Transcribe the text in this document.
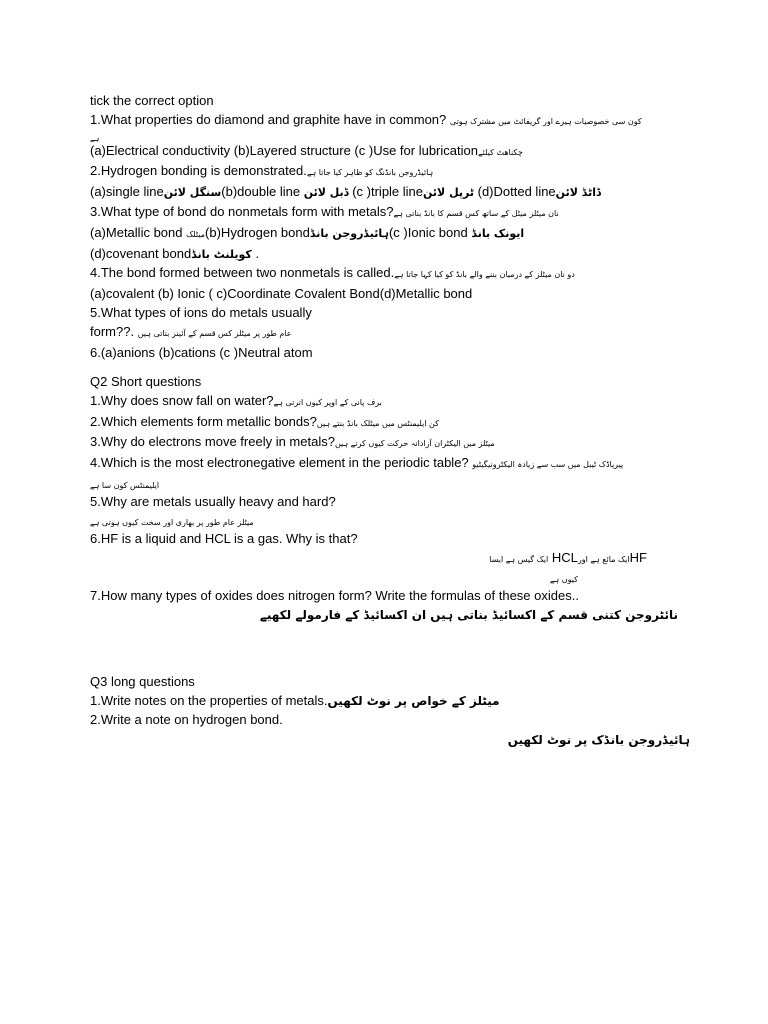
tick the correct option
1.What properties do diamond and graphite have in common? کون سی خصوصیات ہیرے اور گریفائٹ میں مشترک ہوتی
ہے
(a)Electrical conductivity (b)Layered structure (c )Use for lubricationچکناهٹ کیلئے
2.Hydrogen bonding is demonstrated.ہائیڈروجن بانڈنگ کو ظاہر کیا جاتا ہے
(a)single lineسنگل لائن(b)double line ڈبل لائن (c )triple lineٹرپل لائن (d)Dotted lineڈاٹڈ لائن
3.What type of bond do nonmetals form with metals?نان میٹلز میٹل کے ساتھ کس قسم کا بانڈ بناتی ہے
(a)Metallic bond میٹلک(b)Hydrogen bondہائیڈروجن بانڈ(c )Ionic bond ایونک بانڈ
(d)covenant bondکویلنٹ بانڈ .
4.The bond formed between two nonmetals is called.دو نان میٹلز کے درمیان بننے والے بانڈ کو کیا کہا جاتا ہے
(a)covalent (b) Ionic ( c)Coordinate Covalent Bond(d)Metallic bond
5.What types of ions do metals usually
form??. عام طور پر میٹلز کس قسم کے آئینز بناتی ہیں
6.(a)anions (b)cations (c )Neutral atom
Q2 Short questions
1.Why does snow fall on water?برف پانی کے اوپر کیوں اترتی ہے
2.Which elements form metallic bonds?کن ایلیمنٹس میں میٹلک بانڈ بنتے ہیں
3.Why do electrons move freely in metals?میٹلز میں الیکٹران آزادانہ حرکت کیوں کرتے ہیں
4.Which is the most electronegative element in the periodic table? پیریاڈک ٹیبل میں سب سے زیادہ الیکٹرونیگیٹیو
ایلیمنٹس کون سا ہے
5.Why are metals usually heavy and hard?
میٹلز عام طور پر بھاری اور سخت کیوں ہوتی ہے
6.HF is a liquid and HCL is a gas. Why is that?
ایک گیس ہے ایسا HCLایک مائع ہے اورHF
کیوں ہے
7.How many types of oxides does nitrogen form? Write the formulas of these oxides..
نائٹروجن کتنی قسم کے اکسائیڈ بناتی ہیں ان اکسائیڈ کے فارمولے لکھیے
Q3 long questions
1.Write notes on the properties of metals.میٹلز کے خواص پر نوٹ لکھیں
2.Write a note on hydrogen bond.
ہائیڈروجن بانڈک پر نوٹ لکھیں
